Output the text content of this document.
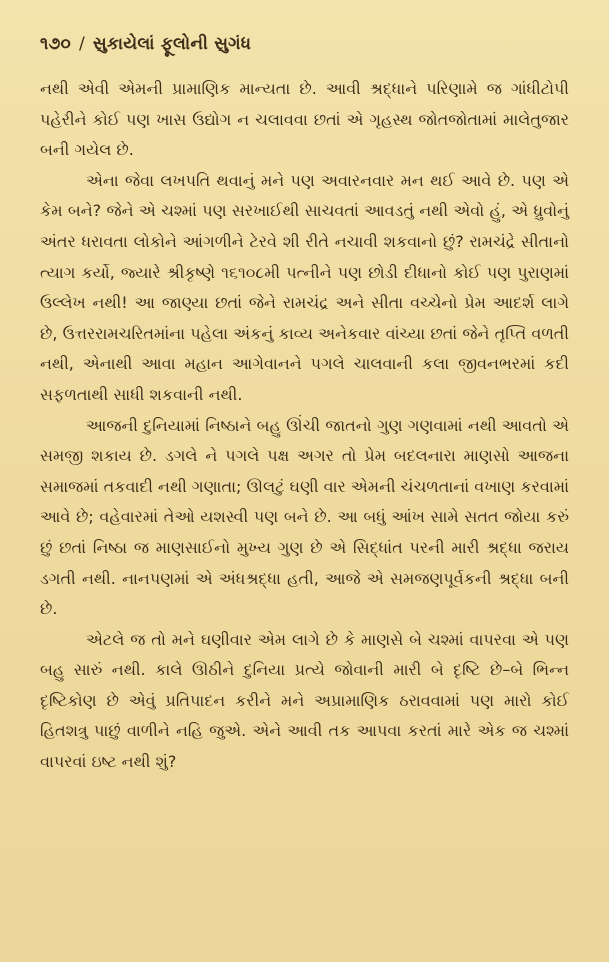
૧૭૦ / સુકાયેલાં ફૂલોની સુગંધ

નથી એવી એમની પ્રામાણિક માન્યતા છે. આવી શ્રદ્ધાને પરિણામે જ ગાંધીટોપી પહેરીને કોઈ પણ ખાસ ઉદ્યોગ ન ચલાવવા છતાં એ ગૃહસ્થ જોતજોતામાં માલેતુજાર બની ગયેલ છે.

એના જેવા લખપતિ થવાનું મને પણ અવારનવાર મન થઈ આવે છે. પણ એ કેમ બને? જેને એ ચશ્માં પણ સરખાઈથી સાચવતાં આવડતું નથી એવો હું, એ ધ્રુવોનું અંતર ધરાવતા લોકોને આંગળીને ટેરવે શી રીતે નચાવી શકવાનો છું? રામચંદ્રે સીતાનો ત્યાગ કર્યો, જ્યારે શ્રીકૃષ્ણે ૧૬૧૦૮મી પત્નીને પણ છોડી દીધાનો કોઈ પણ પુરાણમાં ઉલ્લેખ નથી! આ જાણ્યા છતાં જેને રામચંદ્ર અને સીતા વચ્ચેનો પ્રેમ આદર્શ લાગે છે, ઉત્તરરામચરિતમાંના પહેલા અંકનું કાવ્ય અનેકવાર વાંચ્યા છતાં જેને તૃપ્તિ વળતી નથી, એનાથી આવા મહાન આગેવાનને પગલે ચાલવાની કલા જીવનભરમાં કદી સફળતાથી સાધી શકવાની નથી.

આજની દુનિયામાં નિષ્ઠાને બહુ ઊંચી જાતનો ગુણ ગણવામાં નથી આવતો એ સમજી શકાય છે. ડગલે ને પગલે પક્ષ અગર તો પ્રેમ બદલનારા માણસો આજના સમાજમાં તકવાદી નથી ગણાતા; ઊલટું ઘણી વાર એમની ચંચળતાનાં વખાણ કરવામાં આવે છે; વહેવારમાં તેઓ યશસ્વી પણ બને છે. આ બધું આંખ સામે સતત જોયા કરું છું છતાં નિષ્ઠા જ માણસાઈનો મુખ્ય ગુણ છે એ સિદ્ધાંત પરની મારી શ્રદ્ધા જરાય ડગતી નથી. નાનપણમાં એ અંધશ્રદ્ધા હતી, આજે એ સમજણપૂર્વકની શ્રદ્ધા બની છે.

એટલે જ તો મને ઘણીવાર એમ લાગે છે કે માણસે બે ચશ્માં વાપરવા એ પણ બહુ સારું નથી. કાલે ઊઠીને દુનિયા પ્રત્યે જોવાની મારી બે દૃષ્ટિ છે–બે ભિન્ન દૃષ્ટિકોણ છે એવું પ્રતિપાદન કરીને મને અપ્રામાણિક ઠરાવવામાં પણ મારો કોઈ હિતશત્રુ પાછું વાળીને નહિ જુએ. એને આવી તક આપવા કરતાં મારે એક જ ચશ્માં વાપરવાં ઇષ્ટ નથી શું?
